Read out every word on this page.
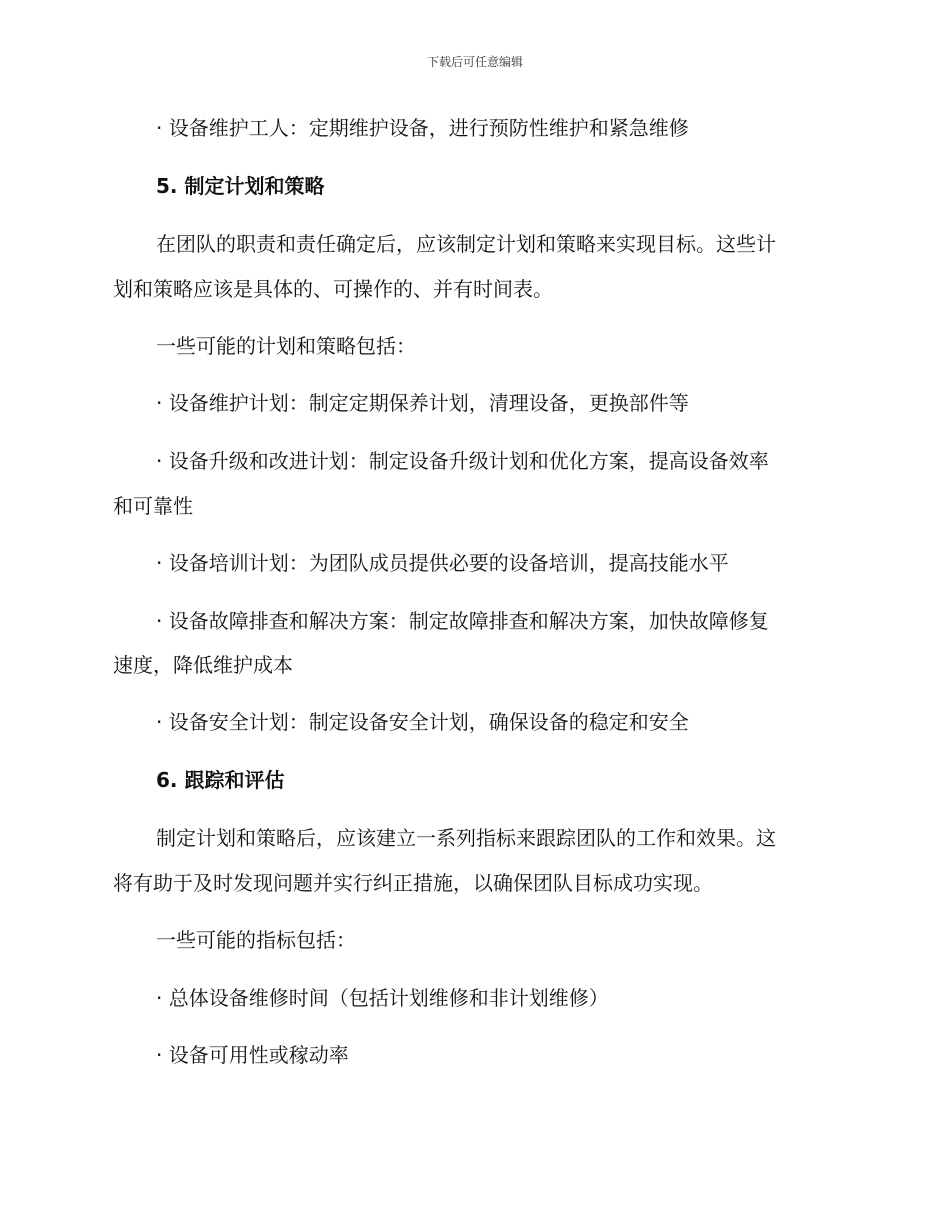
下载后可任意编辑
· 设备维护工人：定期维护设备，进行预防性维护和紧急维修
5. 制定计划和策略
在团队的职责和责任确定后，应该制定计划和策略来实现目标。这些计
划和策略应该是具体的、可操作的、并有时间表。
一些可能的计划和策略包括：
· 设备维护计划：制定定期保养计划，清理设备，更换部件等
· 设备升级和改进计划：制定设备升级计划和优化方案，提高设备效率
和可靠性
· 设备培训计划：为团队成员提供必要的设备培训，提高技能水平
· 设备故障排查和解决方案：制定故障排查和解决方案，加快故障修复
速度，降低维护成本
· 设备安全计划：制定设备安全计划，确保设备的稳定和安全
6. 跟踪和评估
制定计划和策略后，应该建立一系列指标来跟踪团队的工作和效果。这
将有助于及时发现问题并实行纠正措施，以确保团队目标成功实现。
一些可能的指标包括：
· 总体设备维修时间（包括计划维修和非计划维修）
· 设备可用性或稼动率
